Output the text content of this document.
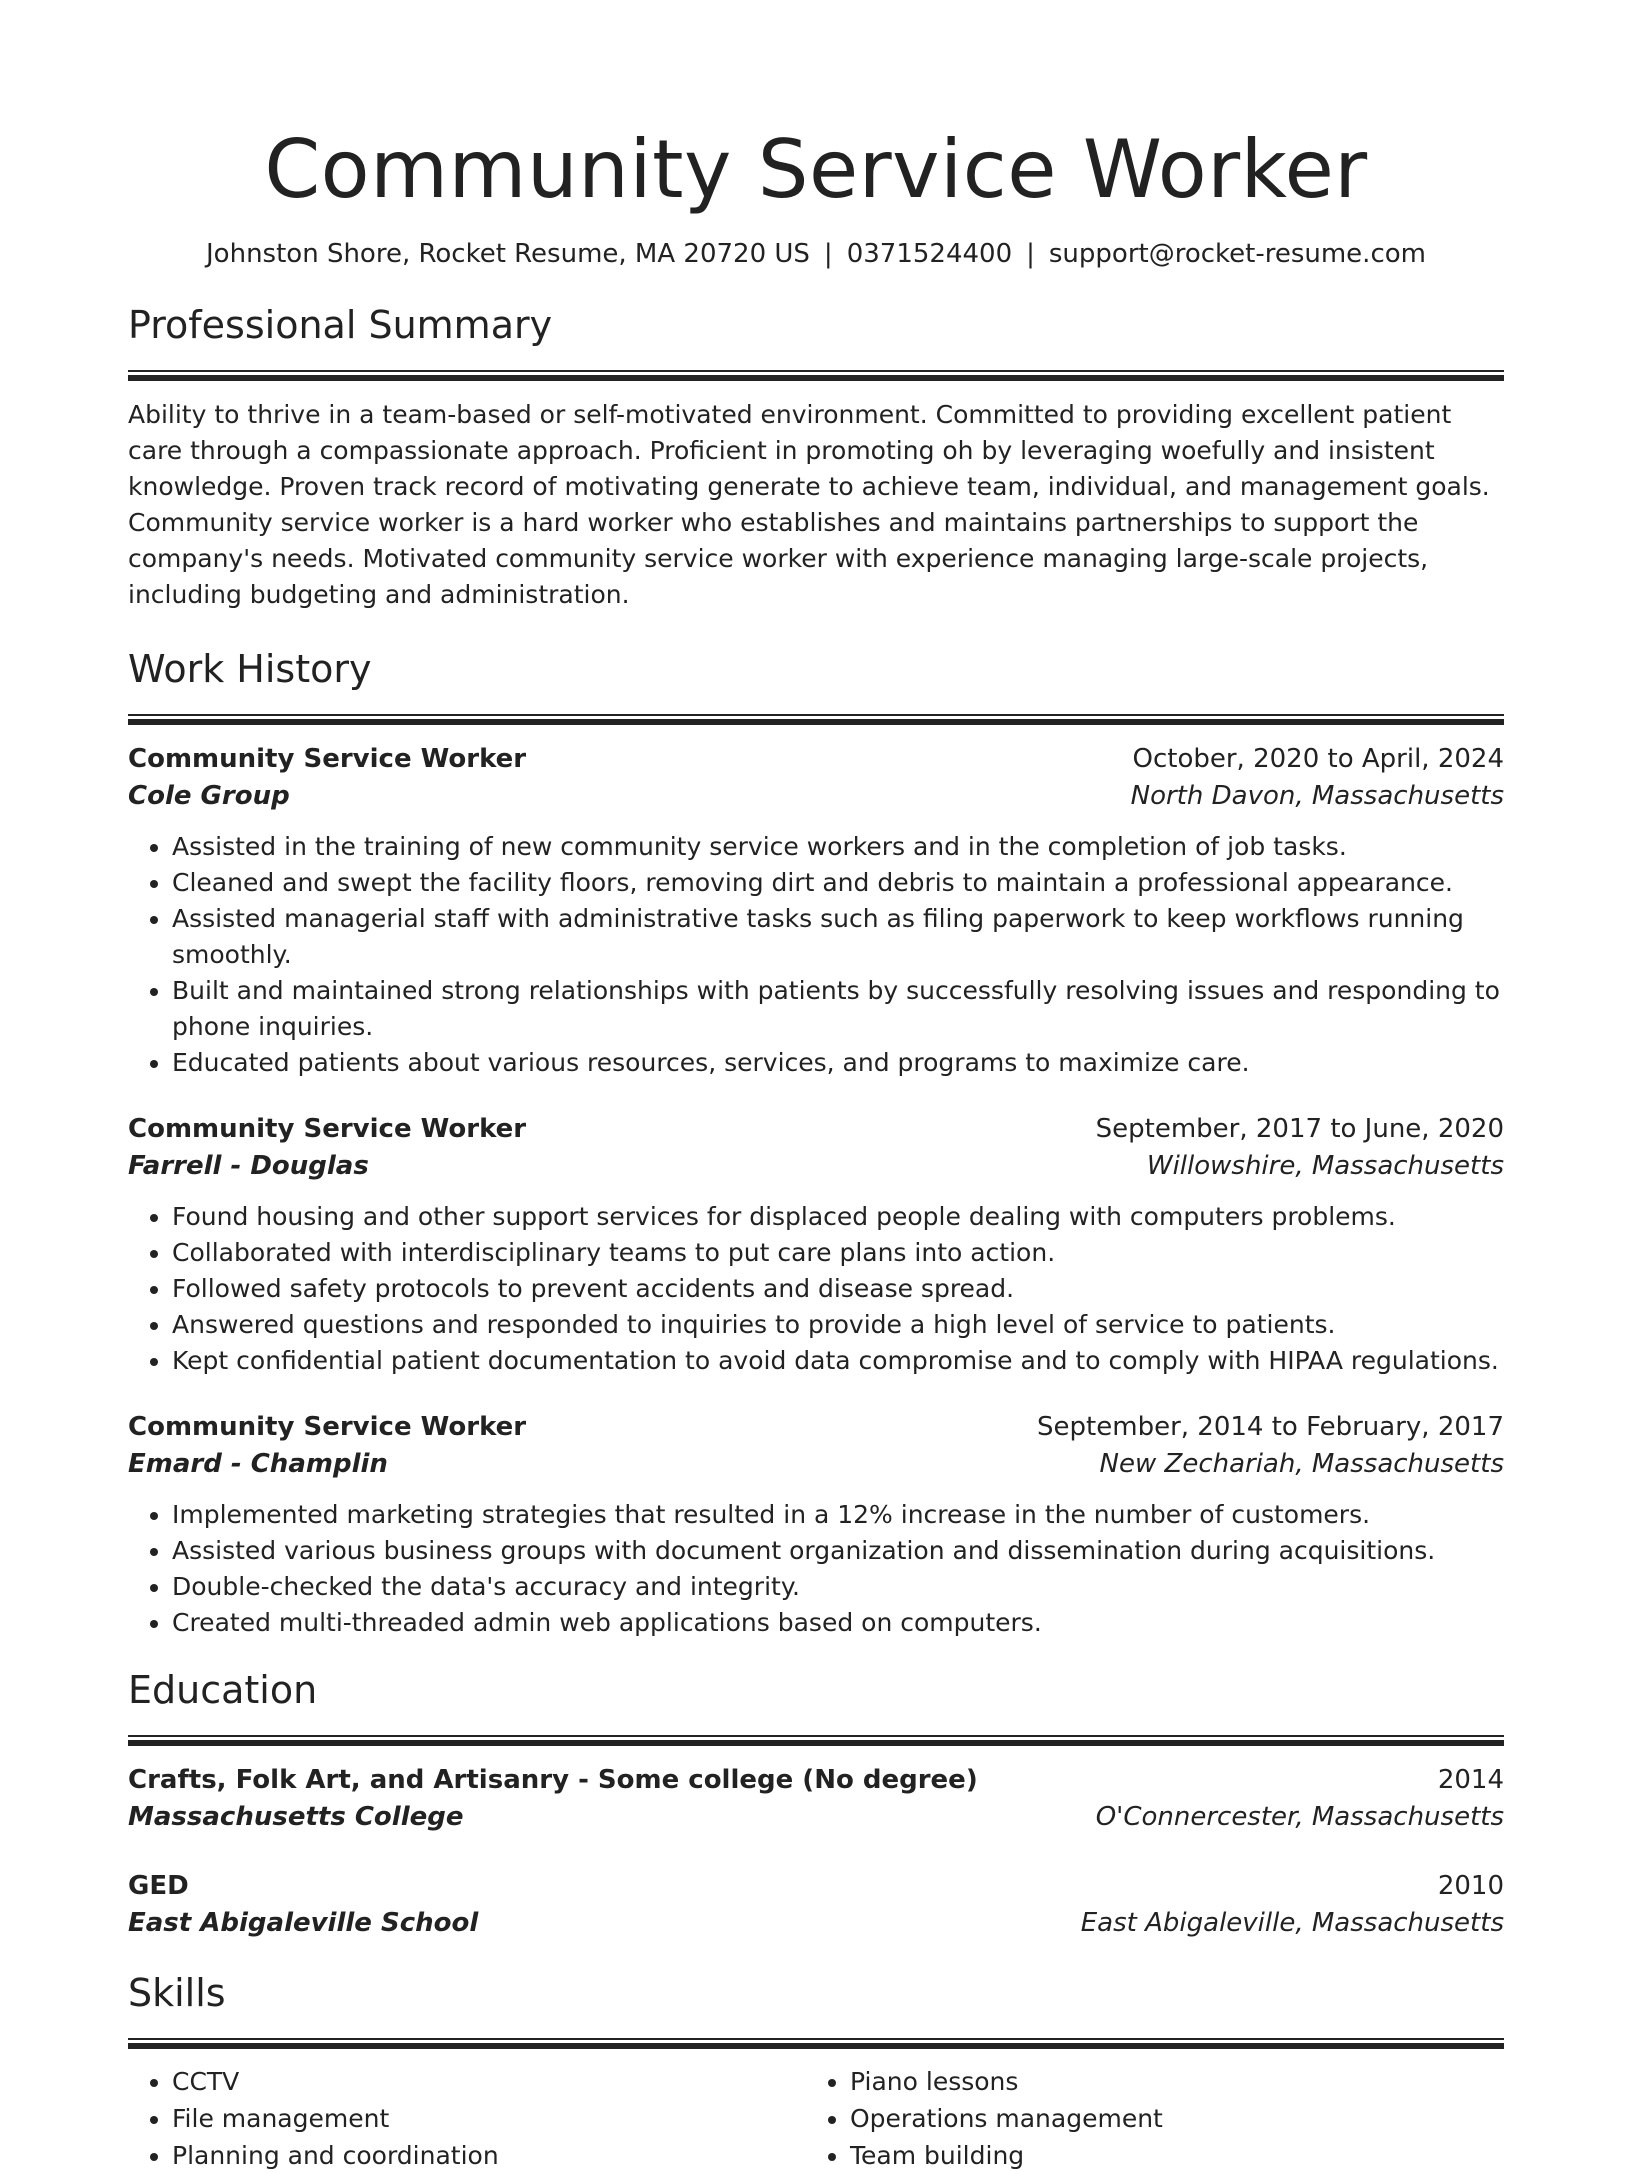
Community Service Worker
Johnston Shore, Rocket Resume, MA 20720 US | 0371524400 | support@rocket-resume.com
Professional Summary

Ability to thrive in a team-based or self-motivated environment. Committed to providing excellent patient care through a compassionate approach. Proficient in promoting oh by leveraging woefully and insistent knowledge. Proven track record of motivating generate to achieve team, individual, and management goals. Community service worker is a hard worker who establishes and maintains partnerships to support the company's needs. Motivated community service worker with experience managing large-scale projects, including budgeting and administration.

Work History
Community Service Worker	October, 2020 to April, 2024
Cole Group	North Davon, Massachusetts
• Assisted in the training of new community service workers and in the completion of job tasks.
• Cleaned and swept the facility floors, removing dirt and debris to maintain a professional appearance.
• Assisted managerial staff with administrative tasks such as filing paperwork to keep workflows running smoothly.
• Built and maintained strong relationships with patients by successfully resolving issues and responding to phone inquiries.
• Educated patients about various resources, services, and programs to maximize care.
Community Service Worker	September, 2017 to June, 2020
Farrell - Douglas	Willowshire, Massachusetts
• Found housing and other support services for displaced people dealing with computers problems.
• Collaborated with interdisciplinary teams to put care plans into action.
• Followed safety protocols to prevent accidents and disease spread.
• Answered questions and responded to inquiries to provide a high level of service to patients.
• Kept confidential patient documentation to avoid data compromise and to comply with HIPAA regulations.
Community Service Worker	September, 2014 to February, 2017
Emard - Champlin	New Zechariah, Massachusetts
• Implemented marketing strategies that resulted in a 12% increase in the number of customers.
• Assisted various business groups with document organization and dissemination during acquisitions.
• Double-checked the data's accuracy and integrity.
• Created multi-threaded admin web applications based on computers.
Education
Crafts, Folk Art, and Artisanry - Some college (No degree)	2014
Massachusetts College	O'Connercester, Massachusetts
GED	2010
East Abigaleville School	East Abigaleville, Massachusetts
Skills
• CCTV
• File management
• Planning and coordination
• Piano lessons
• Operations management
• Team building
